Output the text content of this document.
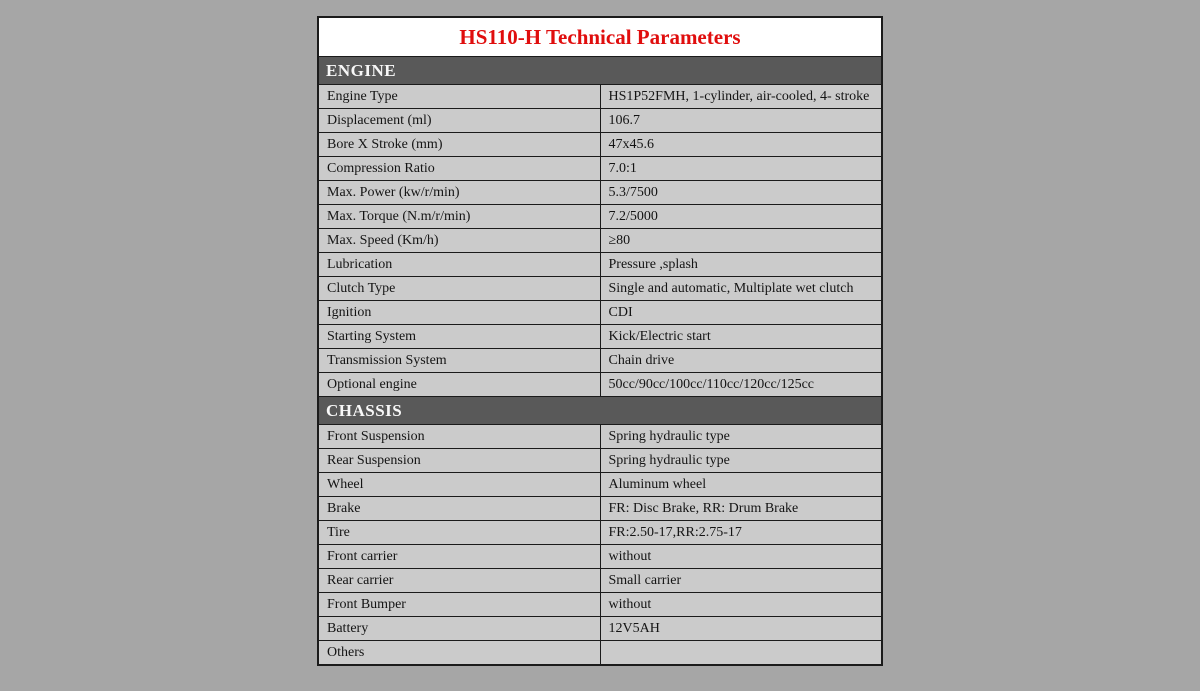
HS110-H Technical Parameters	
ENGINE	
Engine Type	HS1P52FMH, 1-cylinder, air-cooled, 4- stroke
Displacement (ml)	106.7
Bore X Stroke (mm)	47x45.6
Compression Ratio	7.0:1
Max. Power (kw/r/min)	5.3/7500
Max. Torque (N.m/r/min)	7.2/5000
Max. Speed (Km/h)	≥80
Lubrication	Pressure ,splash
Clutch Type	Single and automatic, Multiplate wet clutch
Ignition	CDI
Starting System	Kick/Electric start
Transmission System	Chain drive
Optional engine	50cc/90cc/100cc/110cc/120cc/125cc
CHASSIS	
Front Suspension	Spring hydraulic type
Rear Suspension	Spring hydraulic type
Wheel	Aluminum wheel
Brake	FR: Disc Brake, RR: Drum Brake
Tire	FR:2.50-17,RR:2.75-17
Front carrier	without
Rear carrier	Small carrier
Front Bumper	without
Battery	12V5AH
Others	
